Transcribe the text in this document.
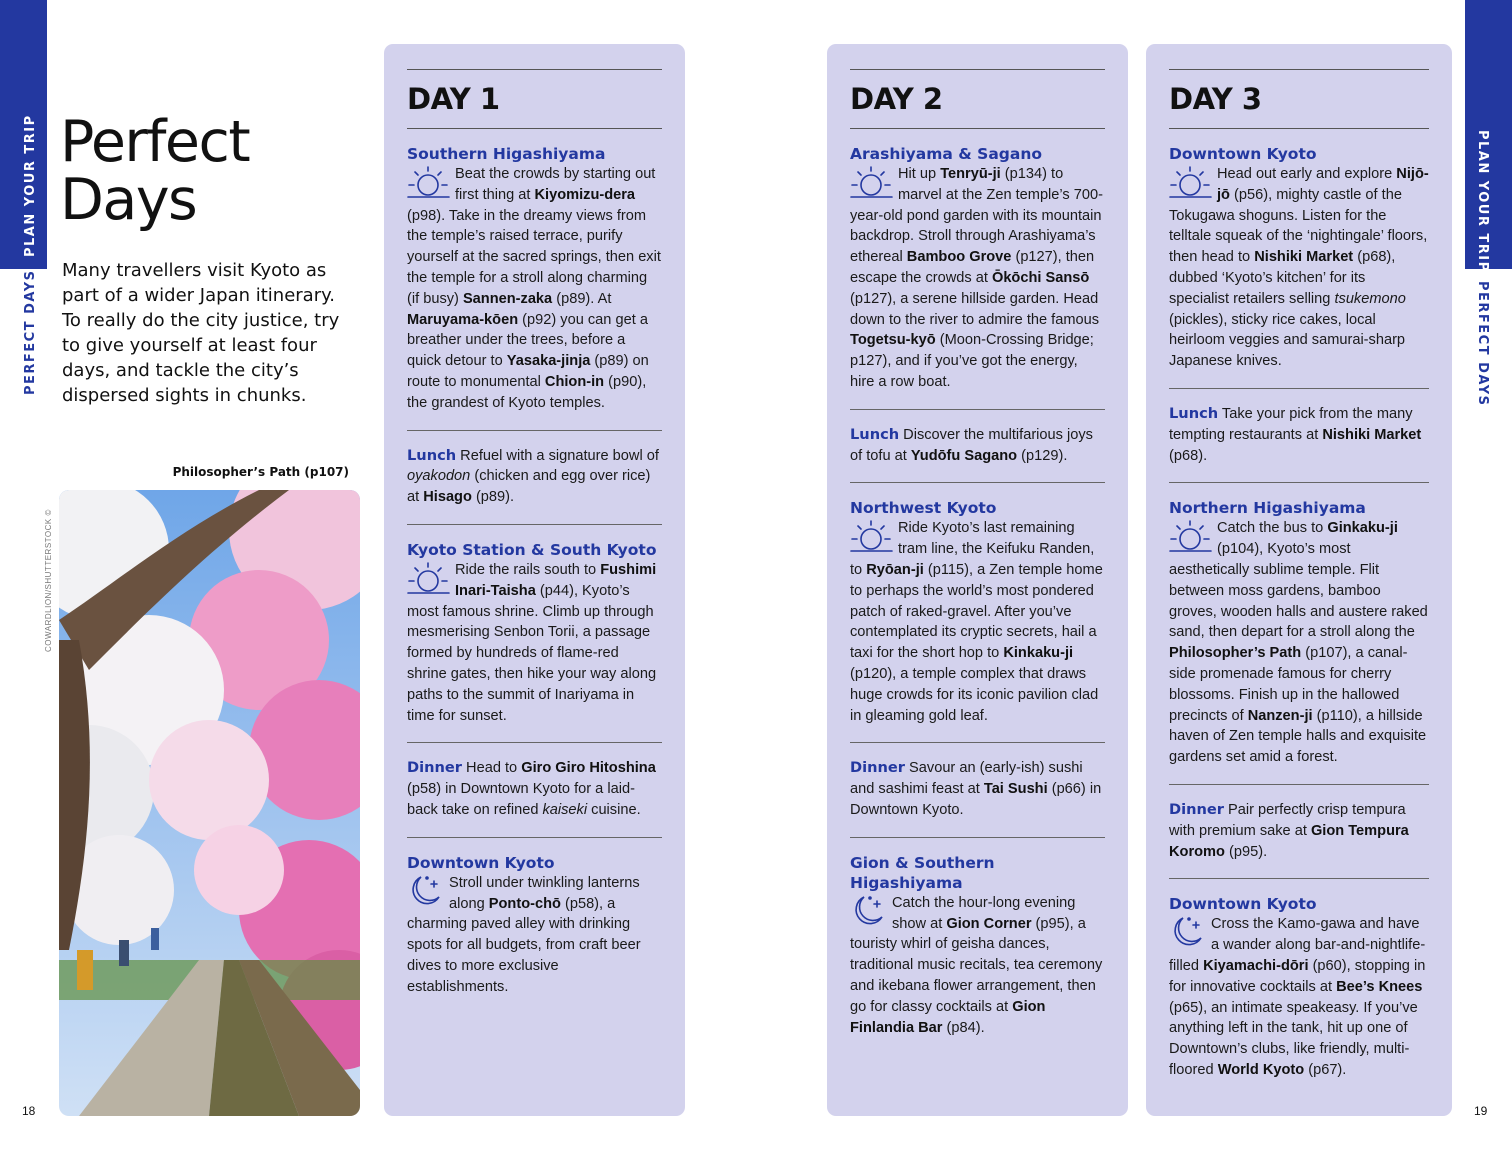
PLAN YOUR TRIP
PERFECT DAYS
PLAN YOUR TRIP
PERFECT DAYS
Perfect
Days
Many travellers visit Kyoto as part of a wider Japan itinerary. To really do the city justice, try to give yourself at least four days, and tackle the city’s dispersed sights in chunks.
Philosopher’s Path (p107)
COWARDLION/SHUTTERSTOCK ©
18	19
DAY 1
Southern Higashiyama
Beat the crowds by starting out first thing at Kiyomizu-dera (p98). Take in the dreamy views from the temple’s raised terrace, purify yourself at the sacred springs, then exit the temple for a stroll along charming (if busy) Sannen-zaka (p89). At Maruyama-kōen (p92) you can get a breather under the trees, before a quick detour to Yasaka-jinja (p89) on route to monumental Chion-in (p90), the grandest of Kyoto temples.
Lunch Refuel with a signature bowl of oyakodon (chicken and egg over rice) at Hisago (p89).
Kyoto Station & South Kyoto
Ride the rails south to Fushimi Inari-Taisha (p44), Kyoto’s most famous shrine. Climb up through mesmerising Senbon Torii, a passage formed by hundreds of flame-red shrine gates, then hike your way along paths to the summit of Inariyama in time for sunset.
Dinner Head to Giro Giro Hitoshina (p58) in Downtown Kyoto for a laid-back take on refined kaiseki cuisine.
Downtown Kyoto
Stroll under twinkling lanterns along Ponto-chō (p58), a charming paved alley with drinking spots for all budgets, from craft beer dives to more exclusive establishments.
DAY 2
Arashiyama & Sagano
Hit up Tenryū-ji (p134) to marvel at the Zen temple’s 700-year-old pond garden with its mountain backdrop. Stroll through Arashiyama’s ethereal Bamboo Grove (p127), then escape the crowds at Ōkōchi Sansō (p127), a serene hillside garden. Head down to the river to admire the famous Togetsu-kyō (Moon-Crossing Bridge; p127), and if you’ve got the energy, hire a row boat.
Lunch Discover the multifarious joys of tofu at Yudōfu Sagano (p129).
Northwest Kyoto
Ride Kyoto’s last remaining tram line, the Keifuku Randen, to Ryōan-ji (p115), a Zen temple home to perhaps the world’s most pondered patch of raked-gravel. After you’ve contemplated its cryptic secrets, hail a taxi for the short hop to Kinkaku-ji (p120), a temple complex that draws huge crowds for its iconic pavilion clad in gleaming gold leaf.
Dinner Savour an (early-ish) sushi and sashimi feast at Tai Sushi (p66) in Downtown Kyoto.
Gion & Southern Higashiyama
Catch the hour-long evening show at Gion Corner (p95), a touristy whirl of geisha dances, traditional music recitals, tea ceremony and ikebana flower arrangement, then go for classy cocktails at Gion Finlandia Bar (p84).
DAY 3
Downtown Kyoto
Head out early and explore Nijō-jō (p56), mighty castle of the Tokugawa shoguns. Listen for the telltale squeak of the ‘nightingale’ floors, then head to Nishiki Market (p68), dubbed ‘Kyoto’s kitchen’ for its specialist retailers selling tsukemono (pickles), sticky rice cakes, local heirloom veggies and samurai-sharp Japanese knives.
Lunch Take your pick from the many tempting restaurants at Nishiki Market (p68).
Northern Higashiyama
Catch the bus to Ginkaku-ji (p104), Kyoto’s most aesthetically sublime temple. Flit between moss gardens, bamboo groves, wooden halls and austere raked sand, then depart for a stroll along the Philosopher’s Path (p107), a canal-side promenade famous for cherry blossoms. Finish up in the hallowed precincts of Nanzen-ji (p110), a hillside haven of Zen temple halls and exquisite gardens set amid a forest.
Dinner Pair perfectly crisp tempura with premium sake at Gion Tempura Koromo (p95).
Downtown Kyoto
Cross the Kamo-gawa and have a wander along bar-and-nightlife-filled Kiyamachi-dōri (p60), stopping in for innovative cocktails at Bee’s Knees (p65), an intimate speakeasy. If you’ve anything left in the tank, hit up one of Downtown’s clubs, like friendly, multi-floored World Kyoto (p67).
